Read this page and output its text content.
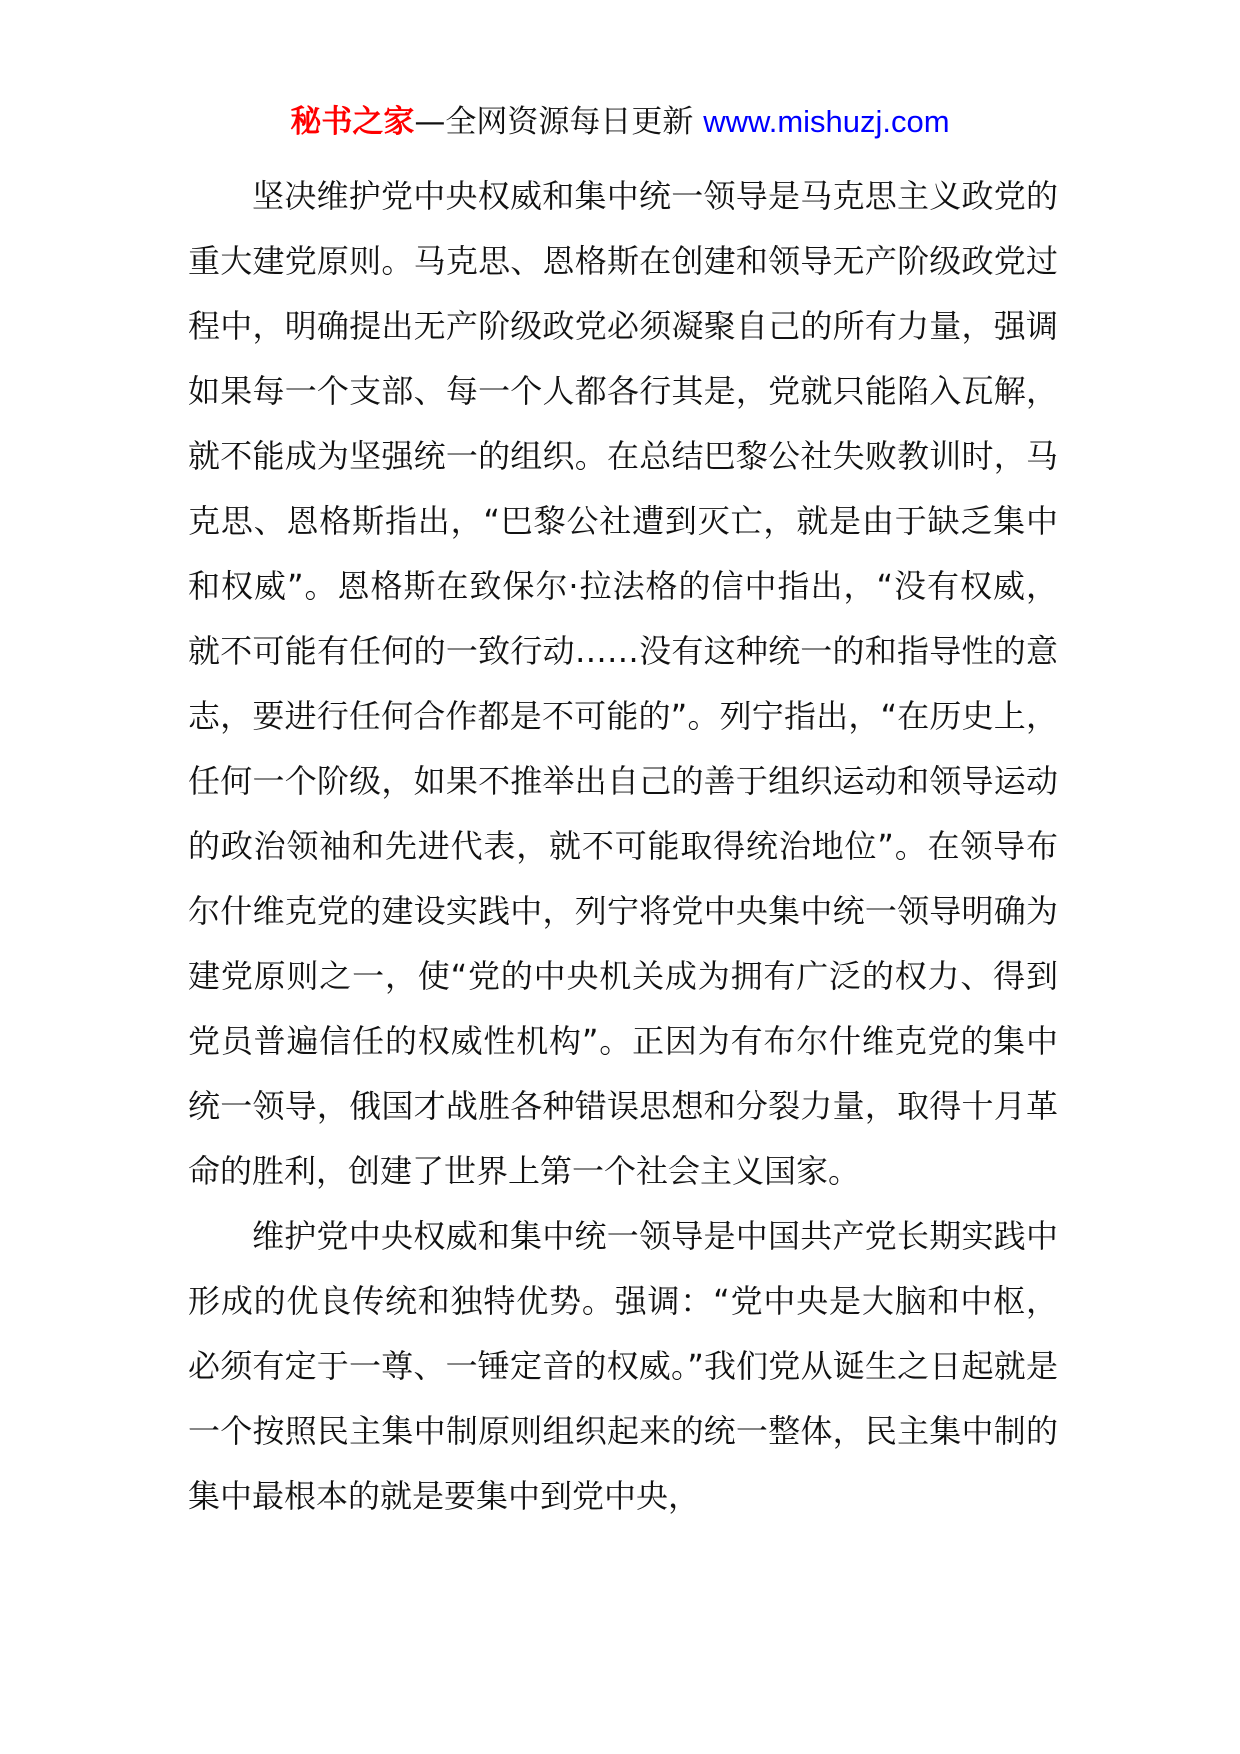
秘书之家—全网资源每日更新 www.mishuzj.com

坚决维护党中央权威和集中统一领导是马克思主义政党的重大建党原则。马克思、恩格斯在创建和领导无产阶级政党过程中，明确提出无产阶级政党必须凝聚自己的所有力量，强调如果每一个支部、每一个人都各行其是，党就只能陷入瓦解，就不能成为坚强统一的组织。在总结巴黎公社失败教训时，马克思、恩格斯指出，“巴黎公社遭到灭亡，就是由于缺乏集中和权威”。恩格斯在致保尔·拉法格的信中指出，“没有权威，就不可能有任何的一致行动……没有这种统一的和指导性的意志，要进行任何合作都是不可能的”。列宁指出，“在历史上，任何一个阶级，如果不推举出自己的善于组织运动和领导运动的政治领袖和先进代表，就不可能取得统治地位”。在领导布尔什维克党的建设实践中，列宁将党中央集中统一领导明确为建党原则之一，使“党的中央机关成为拥有广泛的权力、得到党员普遍信任的权威性机构”。正因为有布尔什维克党的集中统一领导，俄国才战胜各种错误思想和分裂力量，取得十月革命的胜利，创建了世界上第一个社会主义国家。

维护党中央权威和集中统一领导是中国共产党长期实践中形成的优良传统和独特优势。强调：“党中央是大脑和中枢，必须有定于一尊、一锤定音的权威。”我们党从诞生之日起就是一个按照民主集中制原则组织起来的统一整体，民主集中制的集中最根本的就是要集中到党中央，
